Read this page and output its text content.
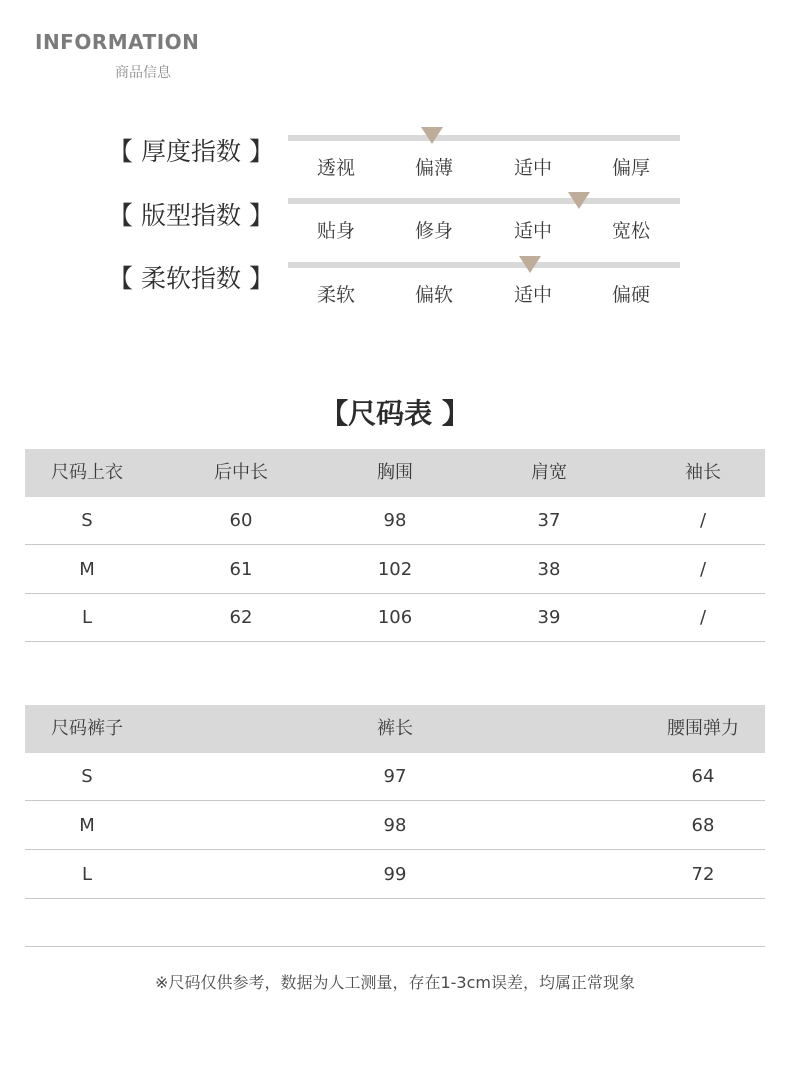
INFORMATION
商品信息
【 厚度指数 】
透视	偏薄	适中	偏厚
【 版型指数 】
贴身	修身	适中	宽松
【 柔软指数 】
柔软	偏软	适中	偏硬
【尺码表 】
尺码上衣	后中长	胸围	肩宽	袖长
S	60	98	37	/
M	61	102	38	/
L	62	106	39	/
尺码裤子	裤长	腰围弹力
S	97	64
M	98	68
L	99	72
※尺码仅供参考，数据为人工测量，存在1-3cm误差，均属正常现象
